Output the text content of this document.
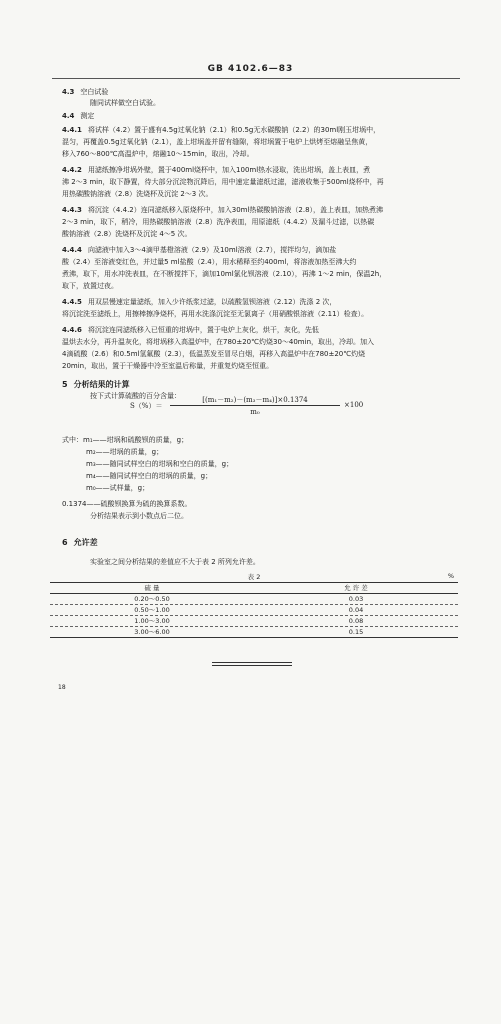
GB 4102.6—83
4.3 空白试验
随同试样做空白试验。
4.4 测定
4.4.1 将试样（4.2）置于盛有4.5g过氧化钠（2.1）和0.5g无水碳酸钠（2.2）的30ml刚玉坩埚中，
混匀，再覆盖0.5g过氧化钠（2.1），盖上坩埚盖并留有缝隙，将坩埚置于电炉上烘烤至熔融呈焦黄，
移入760～800℃高温炉中，熔融10～15min，取出，冷却。
4.4.2 用滤纸擦净坩埚外壁，置于400ml烧杯中，加入100ml热水浸取，洗出坩埚，盖上表皿，煮
沸 2～3 min，取下静置，待大部分沉淀物沉降后，用中速定量滤纸过滤，滤液收集于500ml烧杯中，再
用热碳酸钠溶液（2.8）洗烧杯及沉淀 2～3 次。
4.4.3 将沉淀（4.4.2）连同滤纸移入原烧杯中，加入30ml热碳酸钠溶液（2.8），盖上表皿，加热煮沸
2～3 min，取下，稍冷，用热碳酸钠溶液（2.8）洗净表皿，用原滤纸（4.4.2）及漏斗过滤，以热碳
酸钠溶液（2.8）洗烧杯及沉淀 4～5 次。
4.4.4 向滤液中加入3～4滴甲基橙溶液（2.9）及10ml溶液（2.7），搅拌均匀，滴加盐
酸（2.4）至溶液变红色，并过量5 ml盐酸（2.4），用水稀释至约400ml，将溶液加热至沸大约
煮沸，取下，用水冲洗表皿，在不断搅拌下，滴加10ml氯化钡溶液（2.10），再沸 1～2 min，保温2h，
取下，放置过夜。
4.4.5 用双层慢速定量滤纸，加入少许纸浆过滤，以硫酸氢钡溶液（2.12）洗涤 2 次，
将沉淀洗至滤纸上，用擦棒擦净烧杯，再用水洗涤沉淀至无氯离子（用硝酸银溶液（2.11）检查）。
4.4.6 将沉淀连同滤纸移入已恒重的坩埚中，置于电炉上灰化，烘干，灰化，先低
温烘去水分，再升温灰化，将坩埚移入高温炉中，在780±20℃灼烧30～40min，取出，冷却。加入
4滴硫酸（2.6）和0.5ml氢氟酸（2.3），低温蒸发至冒尽白烟，再移入高温炉中在780±20℃灼烧
20min，取出，置于干燥器中冷至室温后称量，并重复灼烧至恒重。
5 分析结果的计算
按下式计算硫酸的百分含量：
S（%）＝
[(m₁－m₂)－(m₃－m₄)]×0.1374
m₀
×100
式中：m₁——坩埚和硫酸钡的质量，g；
m₂——坩埚的质量，g；
m₃——随同试样空白的坩埚和空白的质量，g；
m₄——随同试样空白的坩埚的质量，g；
m₀——试样量，g；
0.1374——硫酸钡换算为硫的换算系数。
分析结果表示到小数点后二位。
6 允许差
实验室之间分析结果的差值应不大于表 2 所列允许差。
表 2	%
硫 量	允 许 差
0.20～0.50	0.03
0.50～1.00	0.04
1.00～3.00	0.08
3.00～6.00	0.15
18
